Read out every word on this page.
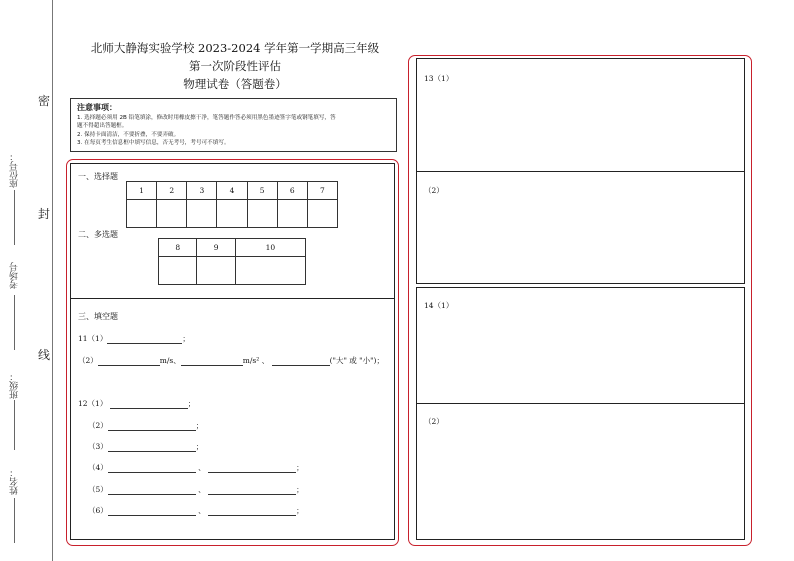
密
封
线
座位号：
考场号
班级：
姓名：
北师大静海实验学校 2023-2024 学年第一学期高三年级
第一次阶段性评估
物理试卷（答题卷）
注意事项：
1. 选择题必须用 2B 铅笔填涂，修改时用橡皮擦干净，笔答题作答必须用黑色墨迹签字笔或钢笔填写，答
题不得超出答题框。
2. 保持卡面清洁，不要折叠，不要弄破。
3. 在每页考生信息框中填写信息，否无考号，考号可不填写。
一、选择题
1	2	3	4	5	6	7

二、多选题
8	9	10

三、填空题
11（1）	；
（2）	m/s、	m/s² 、	("大" 或 "小")；
12（1）	；
（2）	；
（3）	；
（4）	、	；
（5）	、	；
（6）	、	；
13（1）
（2）
14（1）
（2）
